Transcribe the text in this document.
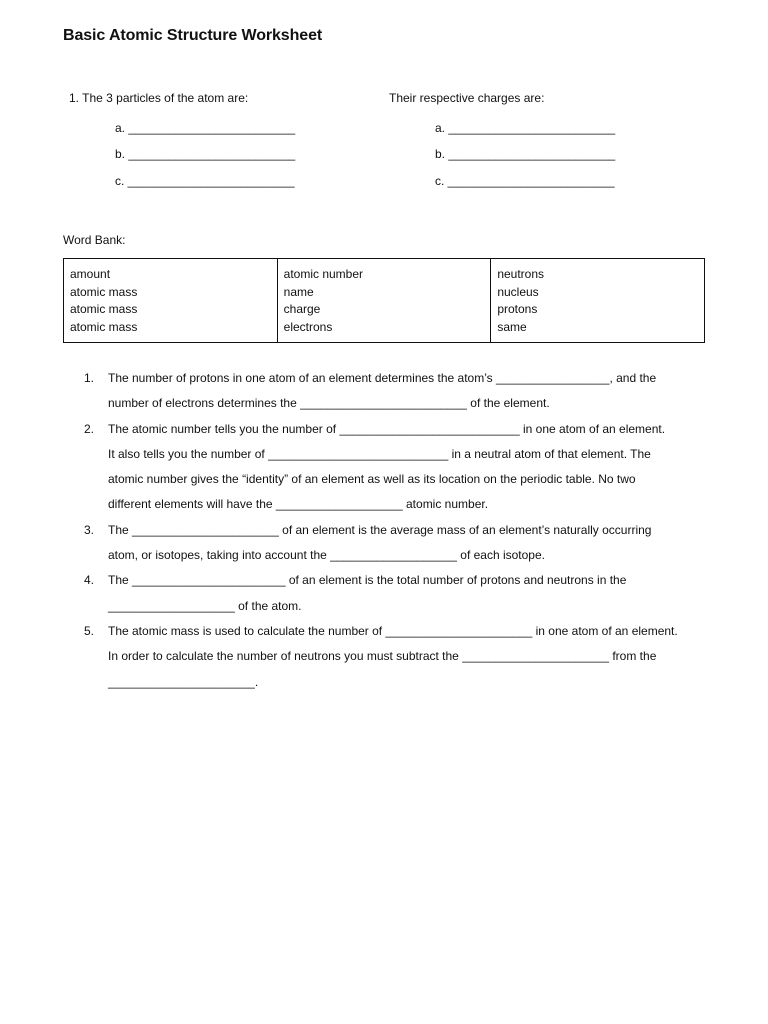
Basic Atomic Structure Worksheet
1. The 3 particles of the atom are:	Their respective charges are:
a. _________________________
b. _________________________
c. _________________________
a. _________________________
b. _________________________
c. _________________________
Word Bank:
amount
atomic mass
atomic mass
atomic mass

atomic number
name
charge
electrons

neutrons
nucleus
protons
same
1. The number of protons in one atom of an element determines the atom’s _________________, and the
number of electrons determines the _________________________ of the element.
2. The atomic number tells you the number of ___________________________ in one atom of an element.
It also tells you the number of ___________________________ in a neutral atom of that element. The
atomic number gives the “identity” of an element as well as its location on the periodic table. No two
different elements will have the ___________________ atomic number.
3. The ______________________ of an element is the average mass of an element’s naturally occurring
atom, or isotopes, taking into account the ___________________ of each isotope.
4. The _______________________ of an element is the total number of protons and neutrons in the
___________________ of the atom.
5. The atomic mass is used to calculate the number of ______________________ in one atom of an element.
In order to calculate the number of neutrons you must subtract the ______________________ from the
______________________.
